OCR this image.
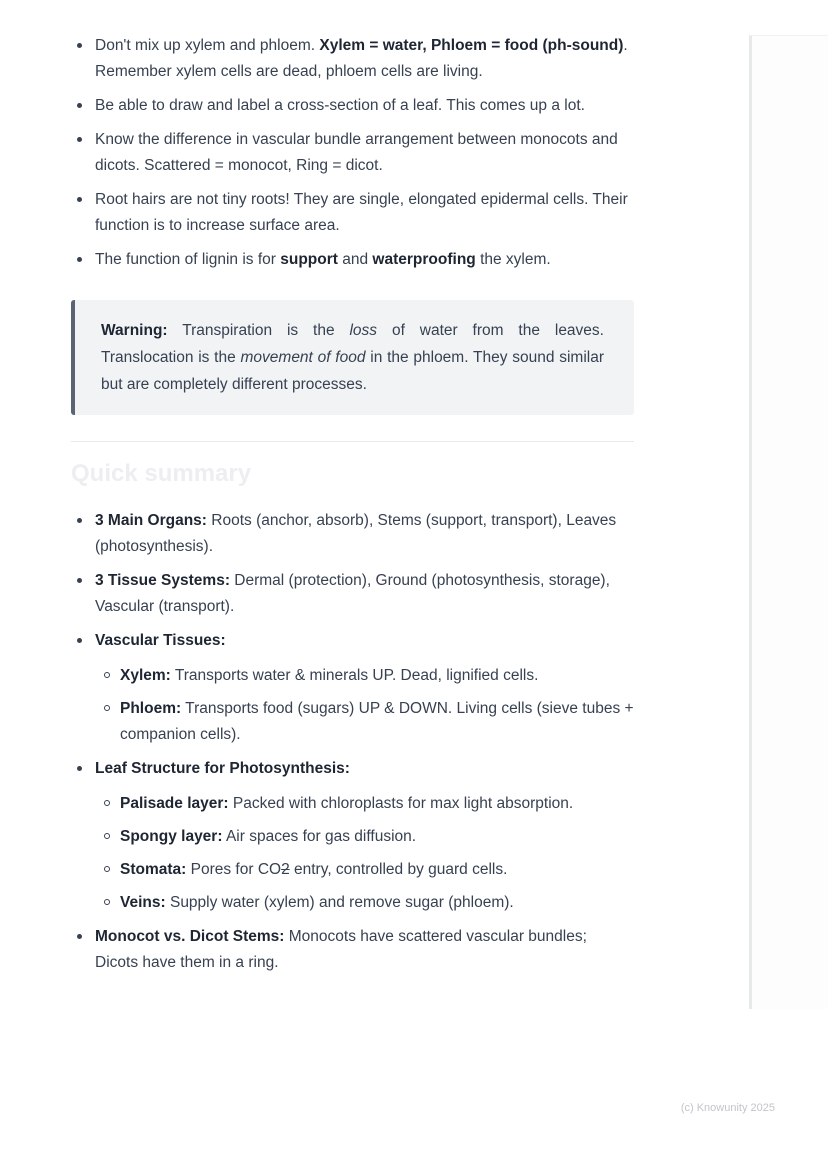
Don't mix up xylem and phloem. Xylem = water, Phloem = food (ph-sound). Remember xylem cells are dead, phloem cells are living.
Be able to draw and label a cross-section of a leaf. This comes up a lot.
Know the difference in vascular bundle arrangement between monocots and dicots. Scattered = monocot, Ring = dicot.
Root hairs are not tiny roots! They are single, elongated epidermal cells. Their function is to increase surface area.
The function of lignin is for support and waterproofing the xylem.
Warning: Transpiration is the loss of water from the leaves. Translocation is the movement of food in the phloem. They sound similar but are completely different processes.
Quick summary
3 Main Organs: Roots (anchor, absorb), Stems (support, transport), Leaves (photosynthesis).
3 Tissue Systems: Dermal (protection), Ground (photosynthesis, storage), Vascular (transport).
Vascular Tissues:
Xylem: Transports water & minerals UP. Dead, lignified cells.
Phloem: Transports food (sugars) UP & DOWN. Living cells (sieve tubes + companion cells).
Leaf Structure for Photosynthesis:
Palisade layer: Packed with chloroplasts for max light absorption.
Spongy layer: Air spaces for gas diffusion.
Stomata: Pores for CO2 entry, controlled by guard cells.
Veins: Supply water (xylem) and remove sugar (phloem).
Monocot vs. Dicot Stems: Monocots have scattered vascular bundles; Dicots have them in a ring.
(c) Knowunity 2025
